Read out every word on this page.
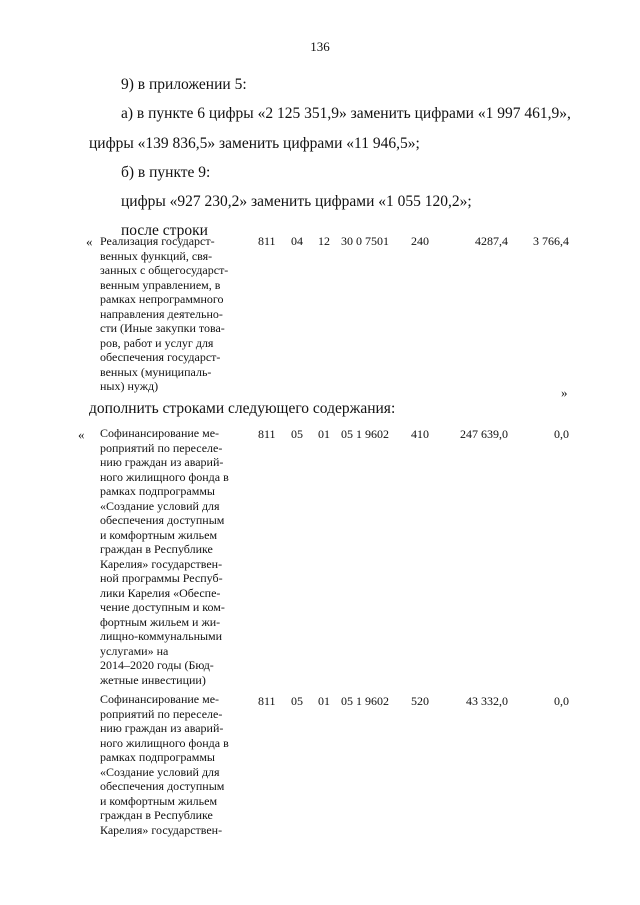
136
9) в приложении 5:
а) в пункте 6 цифры «2 125 351,9» заменить цифрами «1 997 461,9»,
цифры «139 836,5» заменить цифрами «11 946,5»;
б) в пункте 9:
цифры «927 230,2» заменить цифрами «1 055 120,2»;
после строки
« Реализация государст-
венных функций, свя-
занных с общегосударст-
венным управлением, в
рамках непрограммного
направления деятельно-
сти (Иные закупки това-
ров, работ и услуг для
обеспечения государст-
венных (муниципаль-
ных) нужд)
811 04 12 30 0 7501 240	4287,4	3 766,4
»
дополнить строками следующего содержания:
« Софинансирование ме-
роприятий по переселе-
нию граждан из аварий-
ного жилищного фонда в
рамках подпрограммы
«Создание условий для
обеспечения доступным
и комфортным жильем
граждан в Республике
Карелия» государствен-
ной программы Респуб-
лики Карелия «Обеспе-
чение доступным и ком-
фортным жильем и жи-
лищно-коммунальными
услугами» на
2014–2020 годы (Бюд-
жетные инвестиции)
811 05 01 05 1 9602 410	247 639,0	0,0
Софинансирование ме-
роприятий по переселе-
нию граждан из аварий-
ного жилищного фонда в
рамках подпрограммы
«Создание условий для
обеспечения доступным
и комфортным жильем
граждан в Республике
Карелия» государствен-
811 05 01 05 1 9602 520	43 332,0	0,0
